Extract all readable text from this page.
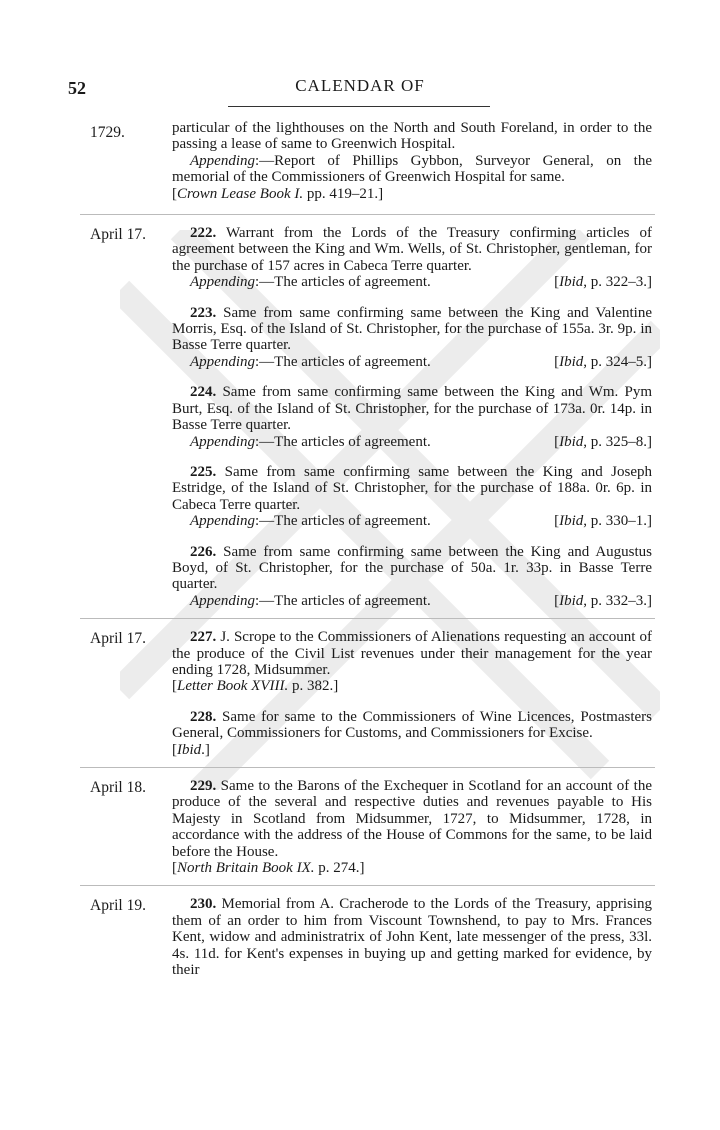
52	CALENDAR OF
1729.	particular of the lighthouses on the North and South Foreland, in order to the passing a lease of same to Greenwich Hospital.

Appending:—Report of Phillips Gybbon, Surveyor General, on the memorial of the Commissioners of Greenwich Hospital for same.

[Crown Lease Book I. pp. 419–21.]

April 17.	222. Warrant from the Lords of the Treasury confirming articles of agreement between the King and Wm. Wells, of St. Christopher, gentleman, for the purchase of 157 acres in Cabeca Terre quarter.

Appending:—The articles of agreement.	[Ibid, p. 322–3.]

223. Same from same confirming same between the King and Valentine Morris, Esq. of the Island of St. Christopher, for the purchase of 155a. 3r. 9p. in Basse Terre quarter.

Appending:—The articles of agreement.	[Ibid, p. 324–5.]

224. Same from same confirming same between the King and Wm. Pym Burt, Esq. of the Island of St. Christopher, for the purchase of 173a. 0r. 14p. in Basse Terre quarter.

Appending:—The articles of agreement.	[Ibid, p. 325–8.]

225. Same from same confirming same between the King and Joseph Estridge, of the Island of St. Christopher, for the purchase of 188a. 0r. 6p. in Cabeca Terre quarter.

Appending:—The articles of agreement.	[Ibid, p. 330–1.]

226. Same from same confirming same between the King and Augustus Boyd, of St. Christopher, for the purchase of 50a. 1r. 33p. in Basse Terre quarter.

Appending:—The articles of agreement.	[Ibid, p. 332–3.]
April 17.	227. J. Scrope to the Commissioners of Alienations requesting an account of the produce of the Civil List revenues under their management for the year ending 1728, Midsummer.

[Letter Book XVIII. p. 382.]

228. Same for same to the Commissioners of Wine Licences, Postmasters General, Commissioners for Customs, and Commissioners for Excise.

[Ibid.]

April 18.	229. Same to the Barons of the Exchequer in Scotland for an account of the produce of the several and respective duties and revenues payable to His Majesty in Scotland from Midsummer, 1727, to Midsummer, 1728, in accordance with the address of the House of Commons for the same, to be laid before the House.

[North Britain Book IX. p. 274.]

April 19.	230. Memorial from A. Cracherode to the Lords of the Treasury, apprising them of an order to him from Viscount Townshend, to pay to Mrs. Frances Kent, widow and administratrix of John Kent, late messenger of the press, 33l. 4s. 11d. for Kent's expenses in buying up and getting marked for evidence, by their
